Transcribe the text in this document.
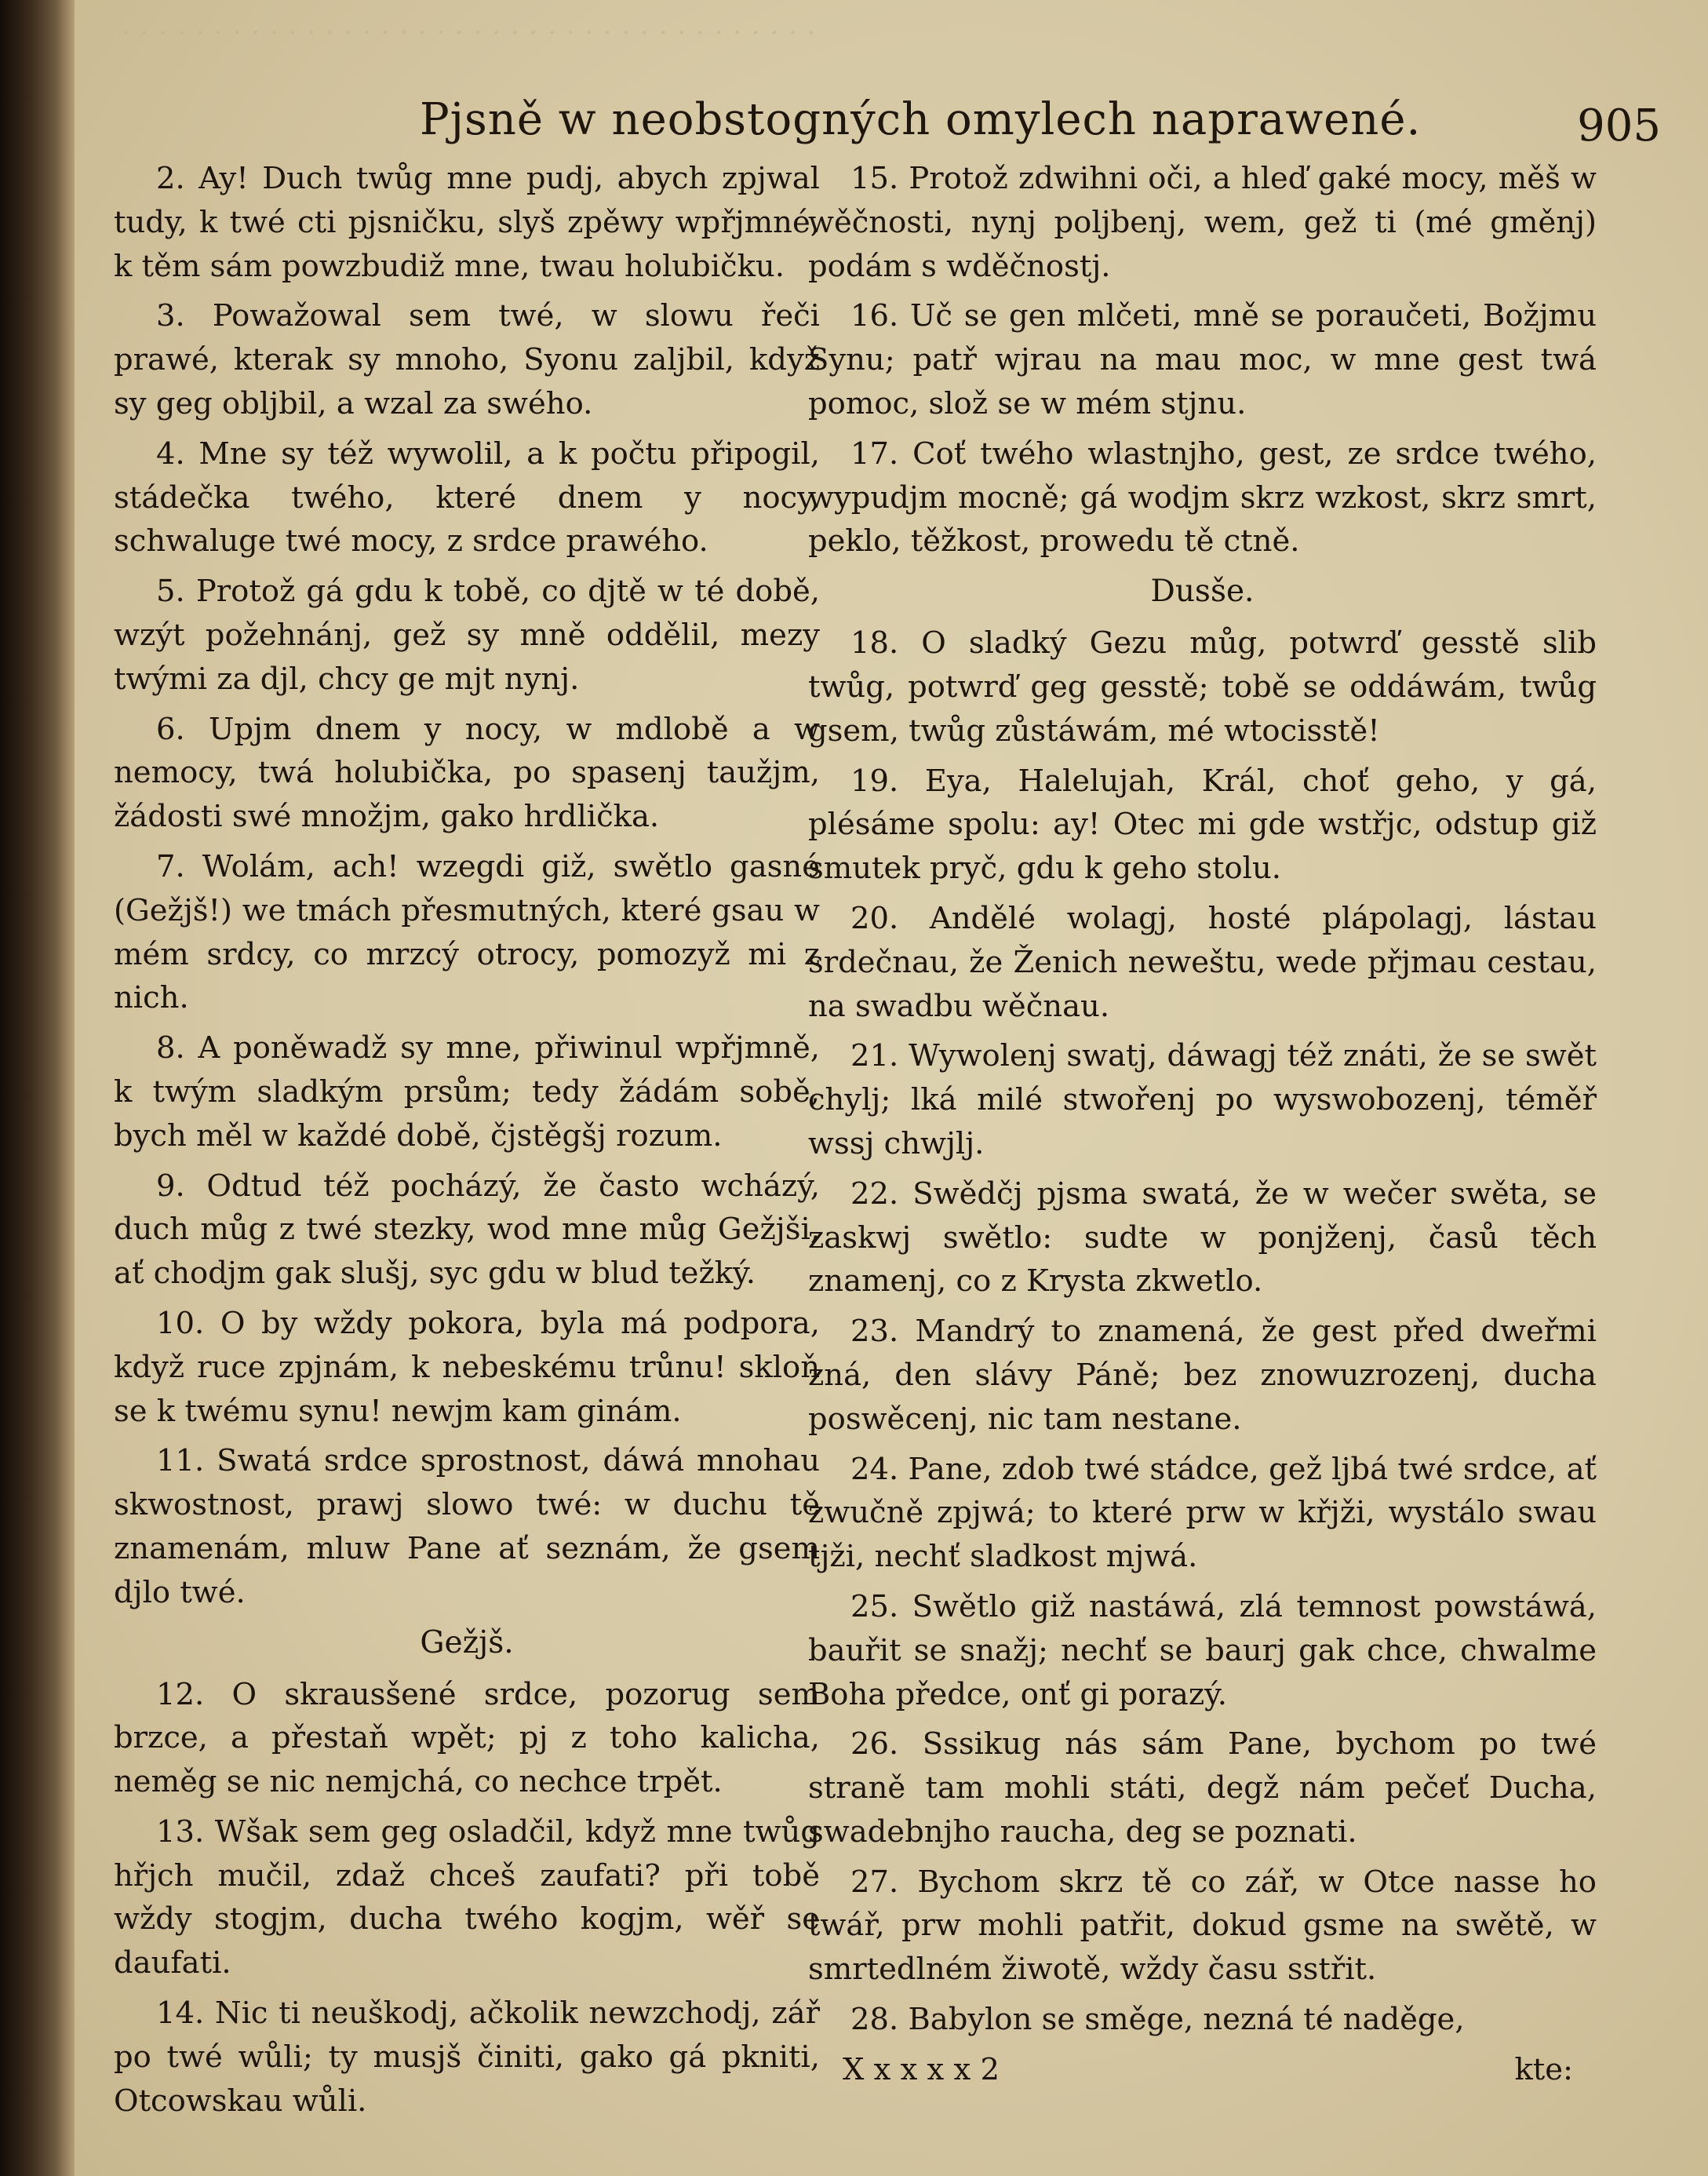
· · · · · · · · · · · · · · · · · · · · · · · · · · · · · · · · · · · · · ·
Pjsně w neobstogných omylech naprawené.	905

2. Ay! Duch twůg mne pudj, abych zpjwal tudy, k twé cti pjsničku, slyš zpěwy wpřjmné, k těm sám powzbudiž mne, twau holubičku.

3. Powažowal sem twé, w slowu řeči prawé, kterak sy mnoho, Syonu zaljbil, když sy geg obljbil, a wzal za swého.

4. Mne sy též wywolil, a k počtu připogil, stádečka twého, které dnem y nocy, schwaluge twé mocy, z srdce prawého.

5. Protož gá gdu k tobě, co djtě w té době, wzýt požehnánj, gež sy mně oddělil, mezy twými za djl, chcy ge mjt nynj.

6. Upjm dnem y nocy, w mdlobě a w nemocy, twá holubička, po spasenj taužjm, žádosti swé množjm, gako hrdlička.

7. Wolám, ach! wzegdi giž, swětlo gasné (Gežjš!) we tmách přesmutných, které gsau w mém srdcy, co mrzcý otrocy, pomozyž mi z nich.

8. A poněwadž sy mne, přiwinul wpřjmně, k twým sladkým prsům; tedy žádám sobě, bych měl w každé době, čjstěgšj rozum.

9. Odtud též pocházý, že často wcházý, duch můg z twé stezky, wod mne můg Gežjši, ať chodjm gak slušj, syc gdu w blud težký.

10. O by wždy pokora, byla má podpora, když ruce zpjnám, k nebeskému trůnu! skloň se k twému synu! newjm kam ginám.

11. Swatá srdce sprostnost, dáwá mnohau skwostnost, prawj slowo twé: w duchu tě znamenám, mluw Pane ať seznám, že gsem djlo twé.

Gežjš.

12. O skrausšené srdce, pozorug sem brzce, a přestaň wpět; pj z toho kalicha, neměg se nic nemjchá, co nechce trpět.

13. Wšak sem geg osladčil, když mne twůg hřjch mučil, zdaž chceš zaufati? při tobě wždy stogjm, ducha twého kogjm, wěř se daufati.

14. Nic ti neuškodj, ačkolik newzchodj, zář po twé wůli; ty musjš činiti, gako gá pkniti, Otcowskau wůli.

15. Protož zdwihni oči, a hleď gaké mocy, měš w wěčnosti, nynj poljbenj, wem, gež ti (mé gměnj) podám s wděčnostj.

16. Uč se gen mlčeti, mně se poraučeti, Božjmu Synu; patř wjrau na mau moc, w mne gest twá pomoc, slož se w mém stjnu.

17. Coť twého wlastnjho, gest, ze srdce twého, wypudjm mocně; gá wodjm skrz wzkost, skrz smrt, peklo, těžkost, prowedu tě ctně.

Dusše.

18. O sladký Gezu můg, potwrď gesstě slib twůg, potwrď geg gesstě; tobě se oddáwám, twůg gsem, twůg zůstáwám, mé wtocisstě!

19. Eya, Halelujah, Král, choť geho, y gá, plésáme spolu: ay! Otec mi gde wstřjc, odstup giž smutek pryč, gdu k geho stolu.

20. Andělé wolagj, hosté plápolagj, lástau srdečnau, že Ženich neweštu, wede přjmau cestau, na swadbu wěčnau.

21. Wywolenj swatj, dáwagj též znáti, že se swět chylj; lká milé stwořenj po wyswobozenj, téměř wssj chwjlj.

22. Swědčj pjsma swatá, že w wečer swěta, se zaskwj swětlo: sudte w ponjženj, časů těch znamenj, co z Krysta zkwetlo.

23. Mandrý to znamená, že gest před dweřmi zná, den slávy Páně; bez znowuzrozenj, ducha poswěcenj, nic tam nestane.

24. Pane, zdob twé stádce, gež ljbá twé srdce, ať zwučně zpjwá; to které prw w křjži, wystálo swau tjži, nechť sladkost mjwá.

25. Swětlo giž nastáwá, zlá temnost powstáwá, bauřit se snažj; nechť se baurj gak chce, chwalme Boha předce, onť gi porazý.

26. Sssikug nás sám Pane, bychom po twé straně tam mohli státi, degž nám pečeť Ducha, swadebnjho raucha, deg se poznati.

27. Bychom skrz tě co zář, w Otce nasse ho twář, prw mohli patřit, dokud gsme na swětě, w smrtedlném žiwotě, wždy času sstřit.

28. Babylon se směge, nezná té naděge,

X x x x x 2	kte:
